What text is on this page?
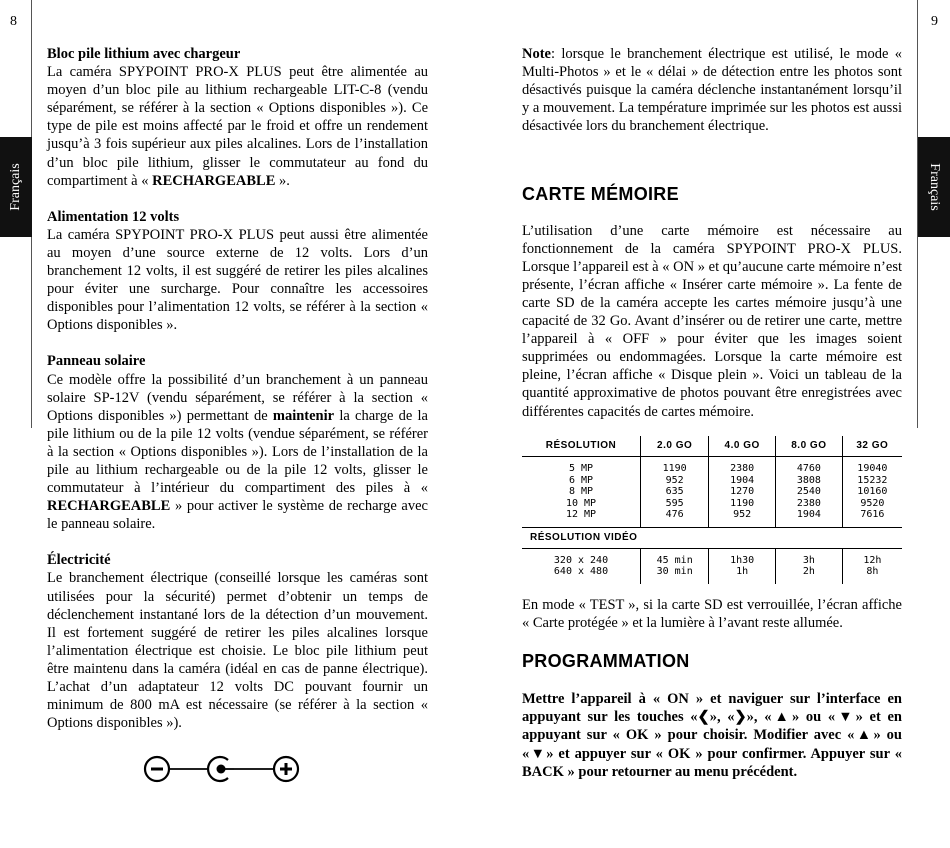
8	9
Français	Français

Bloc pile lithium avec chargeur

La caméra SPYPOINT PRO-X PLUS peut être alimentée au moyen d’un bloc pile au lithium rechargeable LIT-C-8 (vendu séparément, se référer à la section « Options disponibles »). Ce type de pile est moins affecté par le froid et offre un rendement jusqu’à 3 fois supérieur aux piles alcalines. Lors de l’installation d’un bloc pile lithium, glisser le commutateur au fond du compartiment à « RECHARGEABLE ».

Alimentation 12 volts

La caméra SPYPOINT PRO-X PLUS peut aussi être alimentée au moyen d’une source externe de 12 volts. Lors d’un branchement 12 volts, il est suggéré de retirer les piles alcalines pour éviter une surcharge. Pour connaître les accessoires disponibles pour l’alimentation 12 volts, se référer à la section « Options disponibles ».

Panneau solaire

Ce modèle offre la possibilité d’un branchement à un panneau solaire SP-12V (vendu séparément, se référer à la section « Options disponibles ») permettant de maintenir la charge de la pile lithium ou de la pile 12 volts (vendue séparément, se référer à la section « Options disponibles »). Lors de l’installation de la pile au lithium rechargeable ou de la pile 12 volts, glisser le commutateur à l’intérieur du compartiment des piles à « RECHARGEABLE » pour activer le système de recharge avec le panneau solaire.

Électricité

Le branchement électrique (conseillé lorsque les caméras sont utilisées pour la sécurité) permet d’obtenir un temps de déclenchement instantané lors de la détection d’un mouvement. Il est fortement suggéré de retirer les piles alcalines lorsque l’alimentation électrique est choisie. Le bloc pile lithium peut être maintenu dans la caméra (idéal en cas de panne électrique). L’achat d’un adaptateur 12 volts DC pouvant fournir un minimum de 800 mA est nécessaire (se référer à la section « Options disponibles »).

Note: lorsque le branchement électrique est utilisé, le mode « Multi-Photos » et le « délai » de détection entre les photos sont désactivés puisque la caméra déclenche instantanément lorsqu’il y a mouvement. La température imprimée sur les photos est aussi désactivée lors du branchement électrique.

CARTE MÉMOIRE

L’utilisation d’une carte mémoire est nécessaire au fonctionnement de la caméra SPYPOINT PRO-X PLUS. Lorsque l’appareil est à « ON » et qu’aucune carte mémoire n’est présente, l’écran affiche « Insérer carte mémoire ». La fente de carte SD de la caméra accepte les cartes mémoire jusqu’à une capacité de 32 Go. Avant d’insérer ou de retirer une carte, mettre l’appareil à « OFF » pour éviter que les images soient supprimées ou endommagées. Lorsque la carte mémoire est pleine, l’écran affiche « Disque plein ». Voici un tableau de la quantité approximative de photos pouvant être enregistrées avec différentes capacités de cartes mémoire.

RÉSOLUTION	2.0 GO	4.0 GO	8.0 GO	32 GO

5 MP	1190	2380	4760	19040
6 MP	952	1904	3808	15232
8 MP	635	1270	2540	10160
10 MP	595	1190	2380	9520
12 MP	476	952	1904	7616

RÉSOLUTION VIDÉO				

320 x 240	45 min	1h30	3h	12h
640 x 480	30 min	1h	2h	8h

En mode « TEST », si la carte SD est verrouillée, l’écran affiche « Carte protégée » et la lumière à l’avant reste allumée.

PROGRAMMATION

Mettre l’appareil à « ON » et naviguer sur l’interface en appuyant sur les touches «❮», «❯», «▲» ou «▼» et en appuyant sur « OK » pour choisir. Modifier avec «▲» ou «▼» et appuyer sur « OK » pour confirmer. Appuyer sur « BACK » pour retourner au menu précédent.
